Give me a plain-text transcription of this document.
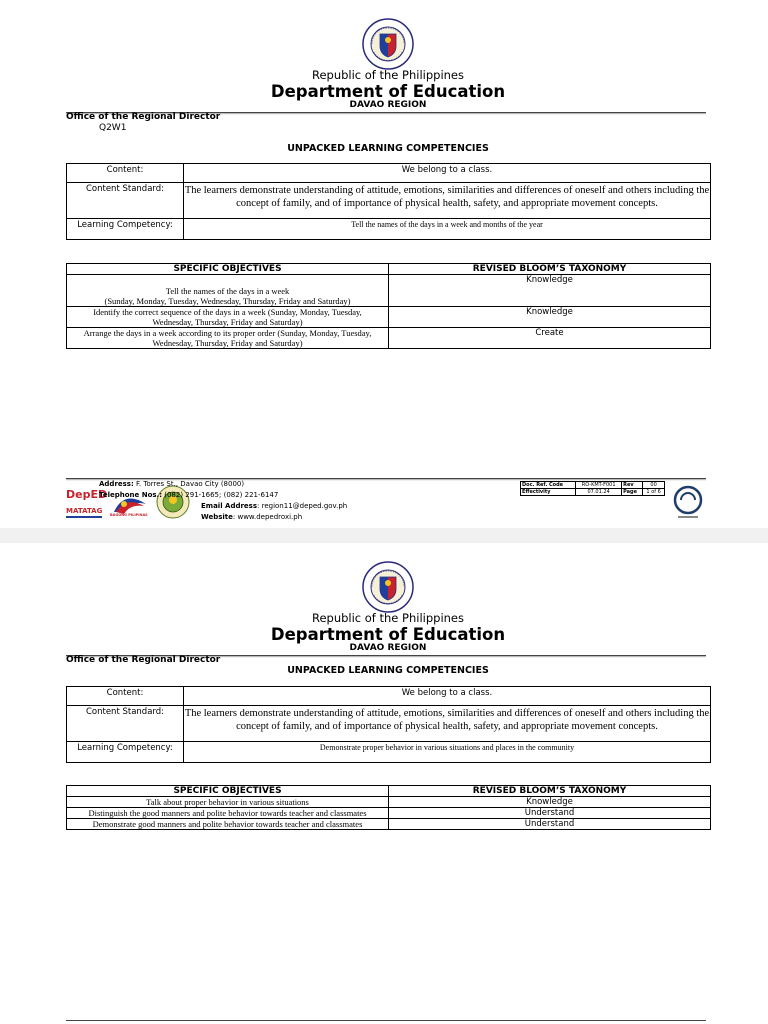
Republic of the Philippines
Department of Education
DAVAO REGION
Office of the Regional Director
Q2W1
UNPACKED LEARNING COMPETENCIES
Content:	We belong to a class.
Content Standard:	The learners demonstrate understanding of attitude, emotions, similarities and differences of oneself and others including the concept of family, and of importance of physical health, safety, and appropriate movement concepts.
Learning Competency:	Tell the names of the days in a week and months of the year
SPECIFIC OBJECTIVES	REVISED BLOOM’S TAXONOMY

Tell the names of the days in a week
(Sunday, Monday, Tuesday, Wednesday, Thursday, Friday and Saturday)	Knowledge

Identify the correct sequence of the days in a week (Sunday, Monday, Tuesday,
Wednesday, Thursday, Friday and Saturday)	Knowledge

Arrange the days in a week according to its proper order (Sunday, Monday, Tuesday,
Wednesday, Thursday, Friday and Saturday)	Create
DepED
MATATAG	BAGONG PILIPINAS
Address: F. Torres St., Davao City (8000)
Telephone Nos.: (082) 291-1665; (082) 221-6147
Email Address: region11@deped.gov.ph
Website: www.depedroxi.ph
Doc. Ref. Code	RO-KMT-F001	Rev	00
Effectivity	07.01.24	Page	1 of 6
Republic of the Philippines
Department of Education
DAVAO REGION
Office of the Regional Director
UNPACKED LEARNING COMPETENCIES
Content:	We belong to a class.
Content Standard:	The learners demonstrate understanding of attitude, emotions, similarities and differences of oneself and others including the concept of family, and of importance of physical health, safety, and appropriate movement concepts.
Learning Competency:	Demonstrate proper behavior in various situations and places in the community
SPECIFIC OBJECTIVES	REVISED BLOOM’S TAXONOMY
Talk about proper behavior in various situations	Knowledge
Distinguish the good manners and polite behavior towards teacher and classmates	Understand
Demonstrate good manners and polite behavior towards teacher and classmates	Understand
